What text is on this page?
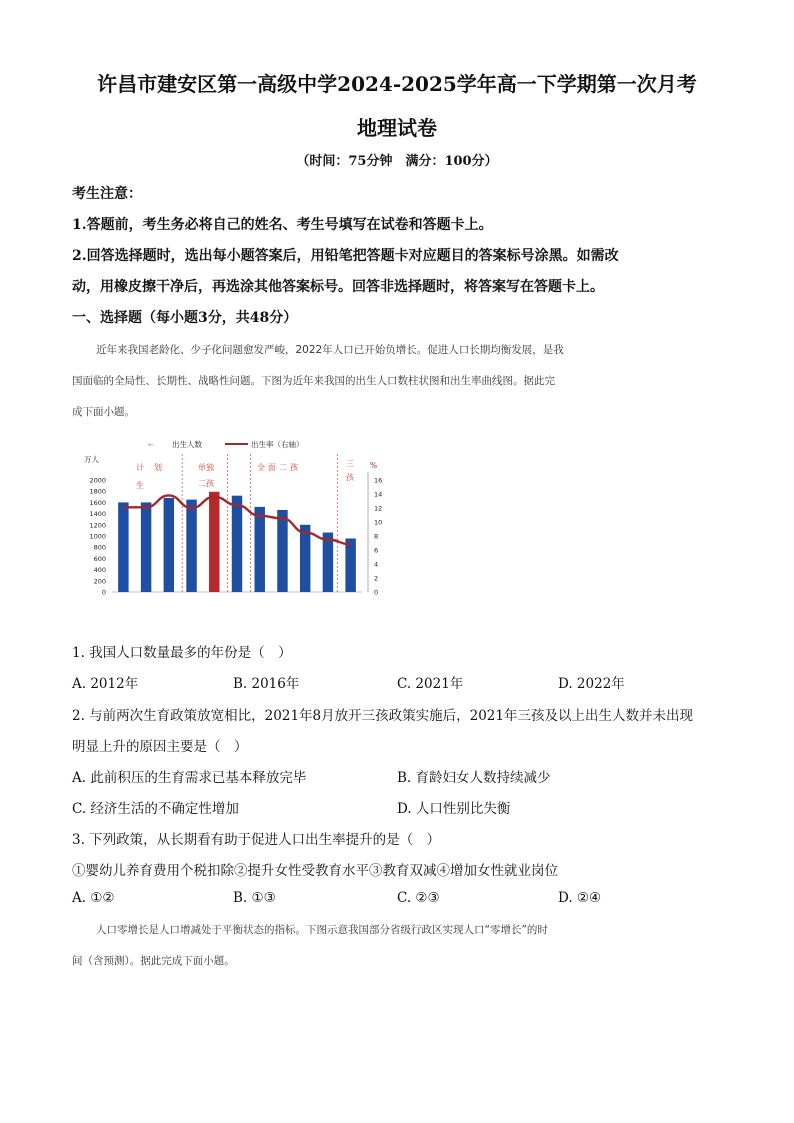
许昌市建安区第一高级中学2024-2025学年高一下学期第一次月考
地理试卷
（时间：75分钟　满分：100分）
考生注意：
1.答题前，考生务必将自己的姓名、考生号填写在试卷和答题卡上。
2.回答选择题时，选出每小题答案后，用铅笔把答题卡对应题目的答案标号涂黑。如需改
动，用橡皮擦干净后，再选涂其他答案标号。回答非选择题时，将答案写在答题卡上。
一、选择题（每小题3分，共48分）
近年来我国老龄化、少子化问题愈发严峻，2022年人口已开始负增长。促进人口长期均衡发展，是我
国面临的全局性、长期性、战略性问题。下图为近年来我国的出生人口数柱状图和出生率曲线图。据此完
成下面小题。
← 出生人数	出生率（右轴）
万人
%
计 划
生
单独
二孩
全面二孩	三
孩
2000
1800
1600
1400
1200
1000
800
600
400
200
0
16
14
12
10
8
6
4
2
0
1. 我国人口数量最多的年份是（　）
A. 2012年	B. 2016年	C. 2021年	D. 2022年
2. 与前两次生育政策放宽相比，2021年8月放开三孩政策实施后，2021年三孩及以上出生人数并未出现
明显上升的原因主要是（　）
A. 此前积压的生育需求已基本释放完毕	B. 育龄妇女人数持续减少
C. 经济生活的不确定性增加	D. 人口性别比失衡
3. 下列政策，从长期看有助于促进人口出生率提升的是（　）
①婴幼儿养育费用个税扣除②提升女性受教育水平③教育双减④增加女性就业岗位
A. ①②	B. ①③	C. ②③	D. ②④
人口零增长是人口增减处于平衡状态的指标。下图示意我国部分省级行政区实现人口“零增长”的时
间（含预测）。据此完成下面小题。
